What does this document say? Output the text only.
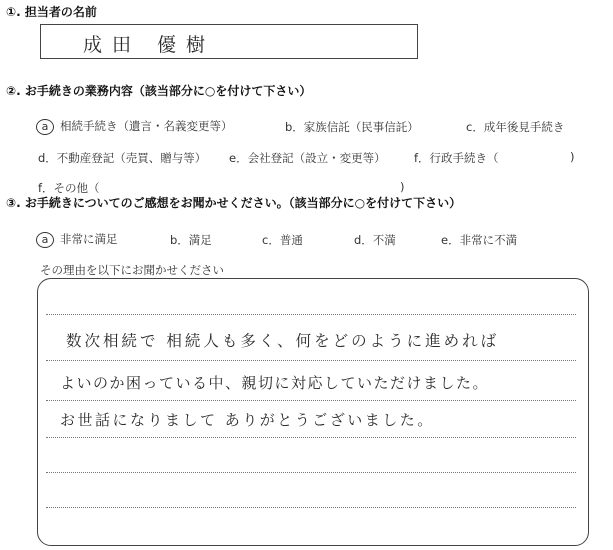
①. 担当者の名前
成田 優樹
②. お手続きの業務内容（該当部分に○を付けて下さい）
a 相続手続き（遺言・名義変更等）	b．家族信託（民事信託）	c．成年後見手続き
d．不動産登記（売買、贈与等） e．会社登記（設立・変更等） f．行政手続き（	)
f．その他（	)
③. お手続きについてのご感想をお聞かせください。（該当部分に○を付けて下さい）
a 非常に満足	b．満足	c．普通	d．不満	e．非常に不満
その理由を以下にお聞かせください
数次相続で 相続人も多く、何をどのように進めれば
よいのか困っている中、親切に対応していただけました。
お世話になりまして ありがとうございました。
